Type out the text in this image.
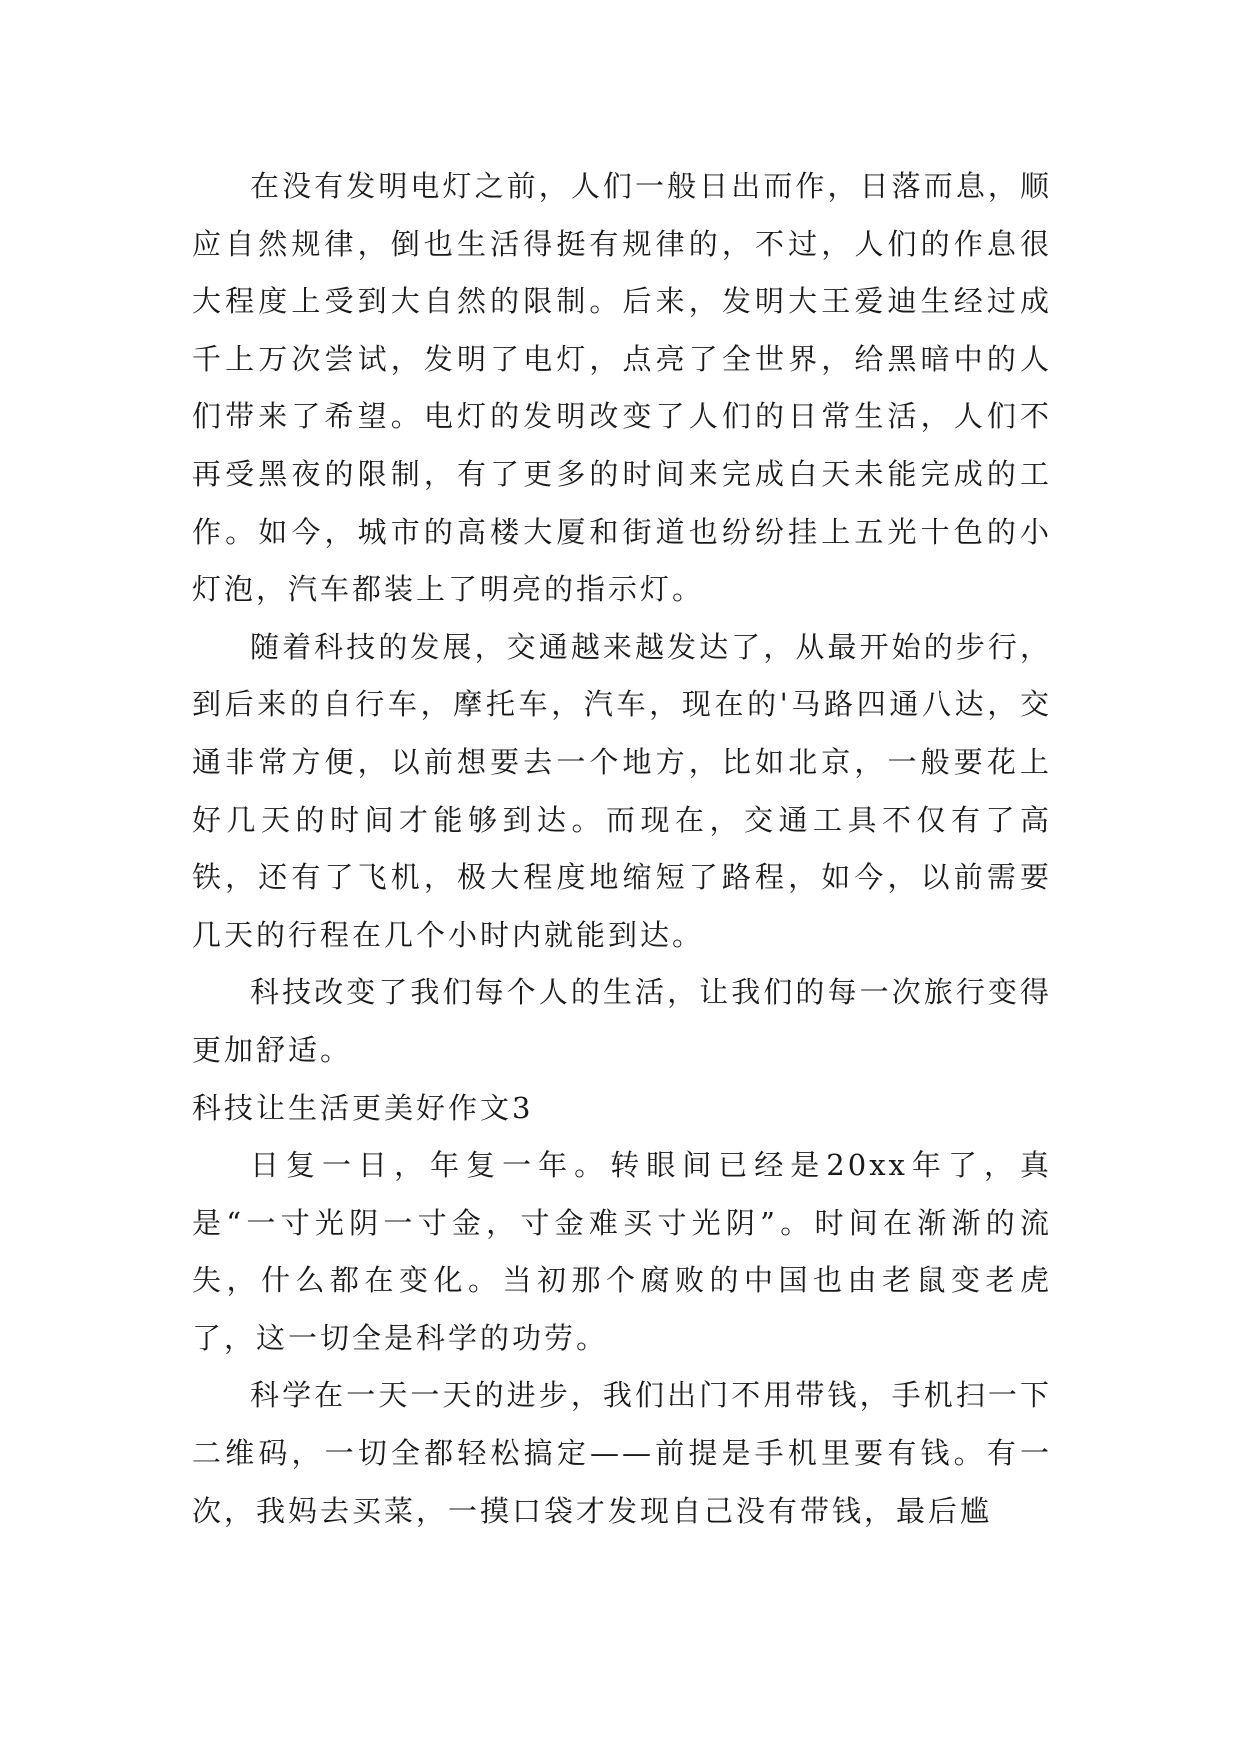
在没有发明电灯之前，人们一般日出而作，日落而息，顺应自然规律，倒也生活得挺有规律的，不过，人们的作息很大程度上受到大自然的限制。后来，发明大王爱迪生经过成千上万次尝试，发明了电灯，点亮了全世界，给黑暗中的人们带来了希望。电灯的发明改变了人们的日常生活，人们不再受黑夜的限制，有了更多的时间来完成白天未能完成的工作。如今，城市的高楼大厦和街道也纷纷挂上五光十色的小灯泡，汽车都装上了明亮的指示灯。

随着科技的发展，交通越来越发达了，从最开始的步行，到后来的自行车，摩托车，汽车，现在的'马路四通八达，交通非常方便，以前想要去一个地方，比如北京，一般要花上好几天的时间才能够到达。而现在，交通工具不仅有了高铁，还有了飞机，极大程度地缩短了路程，如今，以前需要几天的行程在几个小时内就能到达。

科技改变了我们每个人的生活，让我们的每一次旅行变得更加舒适。

科技让生活更美好作文3

日复一日，年复一年。转眼间已经是20xx年了，真是“一寸光阴一寸金，寸金难买寸光阴”。时间在渐渐的流失，什么都在变化。当初那个腐败的中国也由老鼠变老虎了，这一切全是科学的功劳。

科学在一天一天的进步，我们出门不用带钱，手机扫一下二维码，一切全都轻松搞定——前提是手机里要有钱。有一次，我妈去买菜，一摸口袋才发现自己没有带钱，最后尴
